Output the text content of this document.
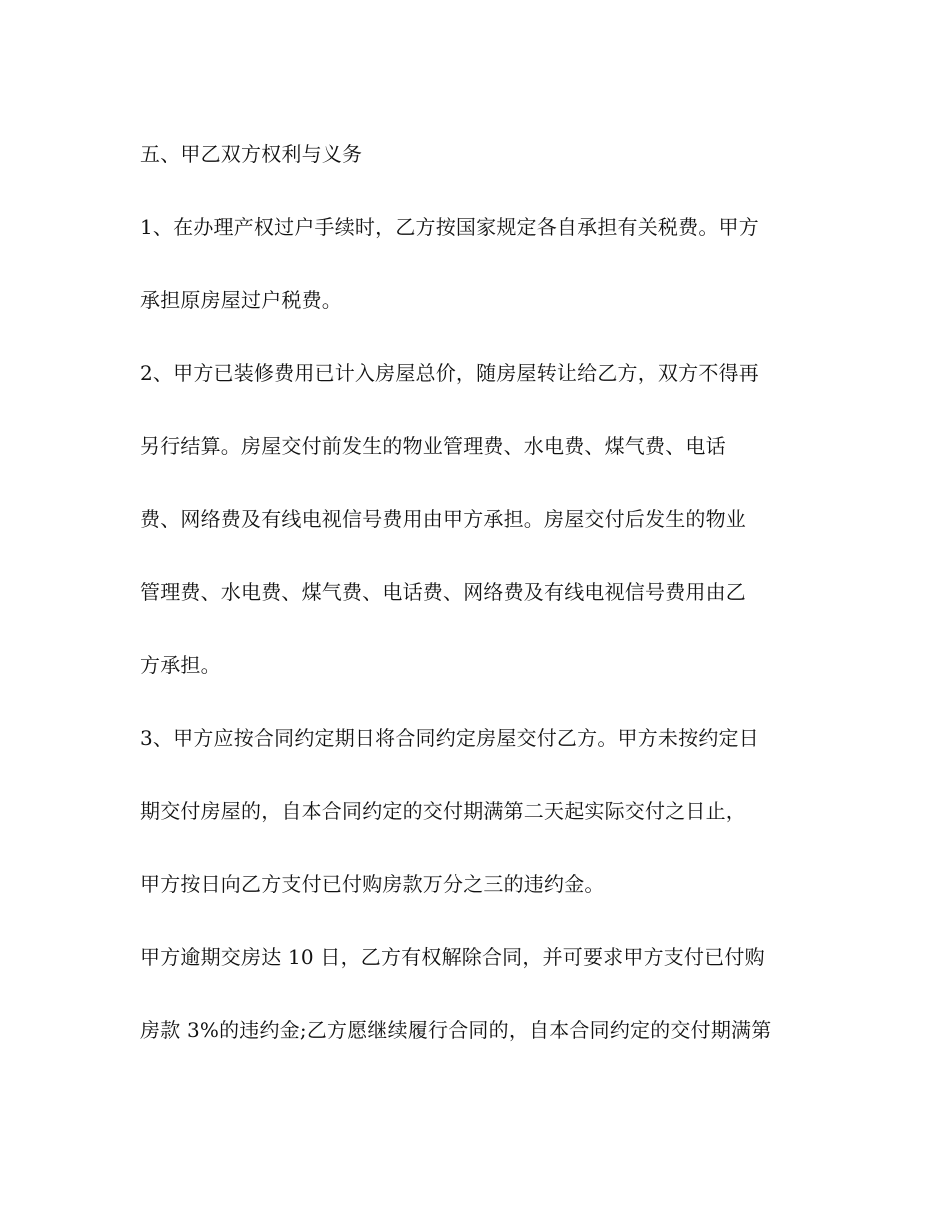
五、甲乙双方权利与义务
1、在办理产权过户手续时，乙方按国家规定各自承担有关税费。甲方
承担原房屋过户税费。
2、甲方已装修费用已计入房屋总价，随房屋转让给乙方，双方不得再
另行结算。房屋交付前发生的物业管理费、水电费、煤气费、电话
费、网络费及有线电视信号费用由甲方承担。房屋交付后发生的物业
管理费、水电费、煤气费、电话费、网络费及有线电视信号费用由乙
方承担。
3、甲方应按合同约定期日将合同约定房屋交付乙方。甲方未按约定日
期交付房屋的，自本合同约定的交付期满第二天起实际交付之日止，
甲方按日向乙方支付已付购房款万分之三的违约金。
甲方逾期交房达 10 日，乙方有权解除合同，并可要求甲方支付已付购
房款 3%的违约金;乙方愿继续履行合同的，自本合同约定的交付期满第
